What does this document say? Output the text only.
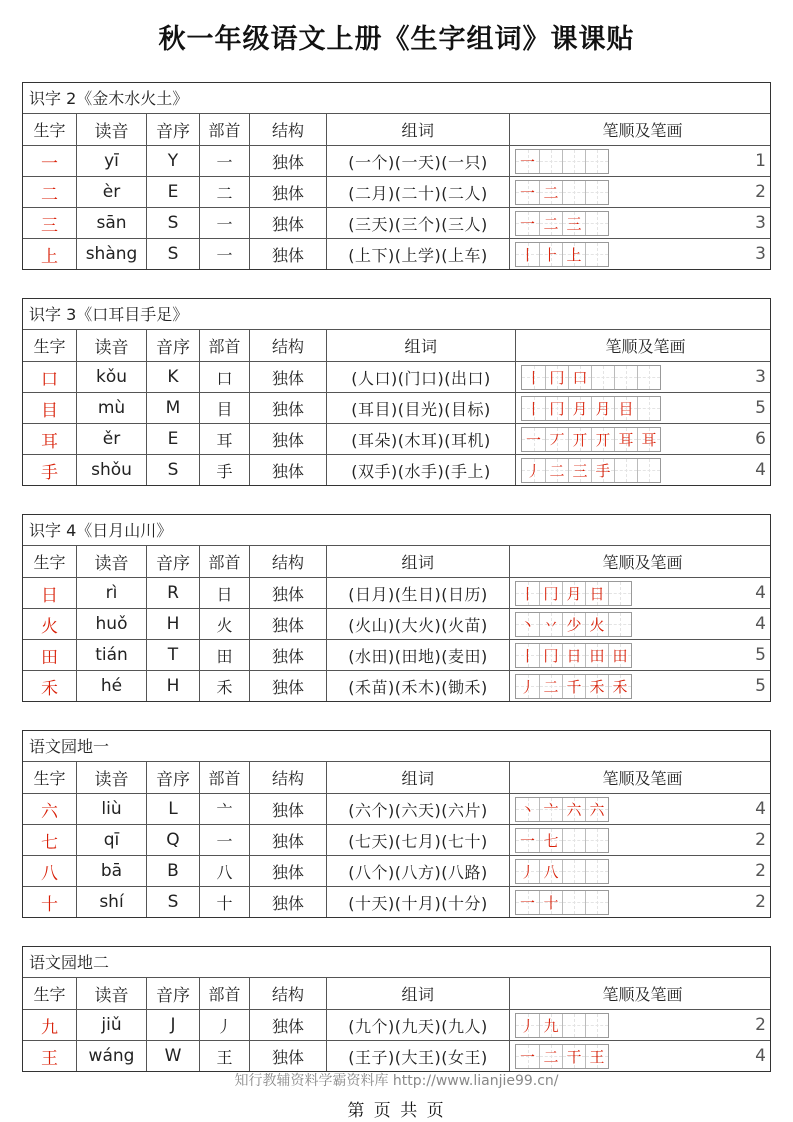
秋一年级语文上册《生字组词》课课贴
识字 2《金木水火土》
生字	读音	音序	部首	结构	组词	笔顺及笔画
一	yī	Y	一	独体	(一个)(一天)(一只)	一	1
二	èr	E	二	独体	(二月)(二十)(二人)	一 二	2
三	sān	S	一	独体	(三天)(三个)(三人)	一 二 三	3
上	shàng	S	一	独体	(上下)(上学)(上车)	丨 ⺊ 上	3
识字 3《口耳目手足》
生字	读音	音序	部首	结构	组词	笔顺及笔画
口	kǒu	K	口	独体	(人口)(门口)(出口)	丨 冂 口	3
目	mù	M	目	独体	(耳目)(目光)(目标)	丨 冂 月 月 目	5
耳	ěr	E	耳	独体	(耳朵)(木耳)(耳机)	一 丆 丌 丌 耳 耳	6
手	shǒu	S	手	独体	(双手)(水手)(手上)	丿 二 三 手	4
识字 4《日月山川》
生字	读音	音序	部首	结构	组词	笔顺及笔画
日	rì	R	日	独体	(日月)(生日)(日历)	丨 冂 月 日	4
火	huǒ	H	火	独体	(火山)(大火)(火苗)	丶 丷 少 火	4
田	tián	T	田	独体	(水田)(田地)(麦田)	丨 冂 日 田 田	5
禾	hé	H	禾	独体	(禾苗)(禾木)(锄禾)	丿 二 千 禾 禾	5
语文园地一
生字	读音	音序	部首	结构	组词	笔顺及笔画
六	liù	L	亠	独体	(六个)(六天)(六片)	丶 亠 六 六	4
七	qī	Q	一	独体	(七天)(七月)(七十)	一 七	2
八	bā	B	八	独体	(八个)(八方)(八路)	丿 八	2
十	shí	S	十	独体	(十天)(十月)(十分)	一 十	2
语文园地二
生字	读音	音序	部首	结构	组词	笔顺及笔画
九	jiǔ	J	丿	独体	(九个)(九天)(九人)	丿 九	2
王	wáng	W	王	独体	(王子)(大王)(女王)	一 二 干 王	4
知行教辅资料学霸资料库 http://www.lianjie99.cn/
第 页 共 页
